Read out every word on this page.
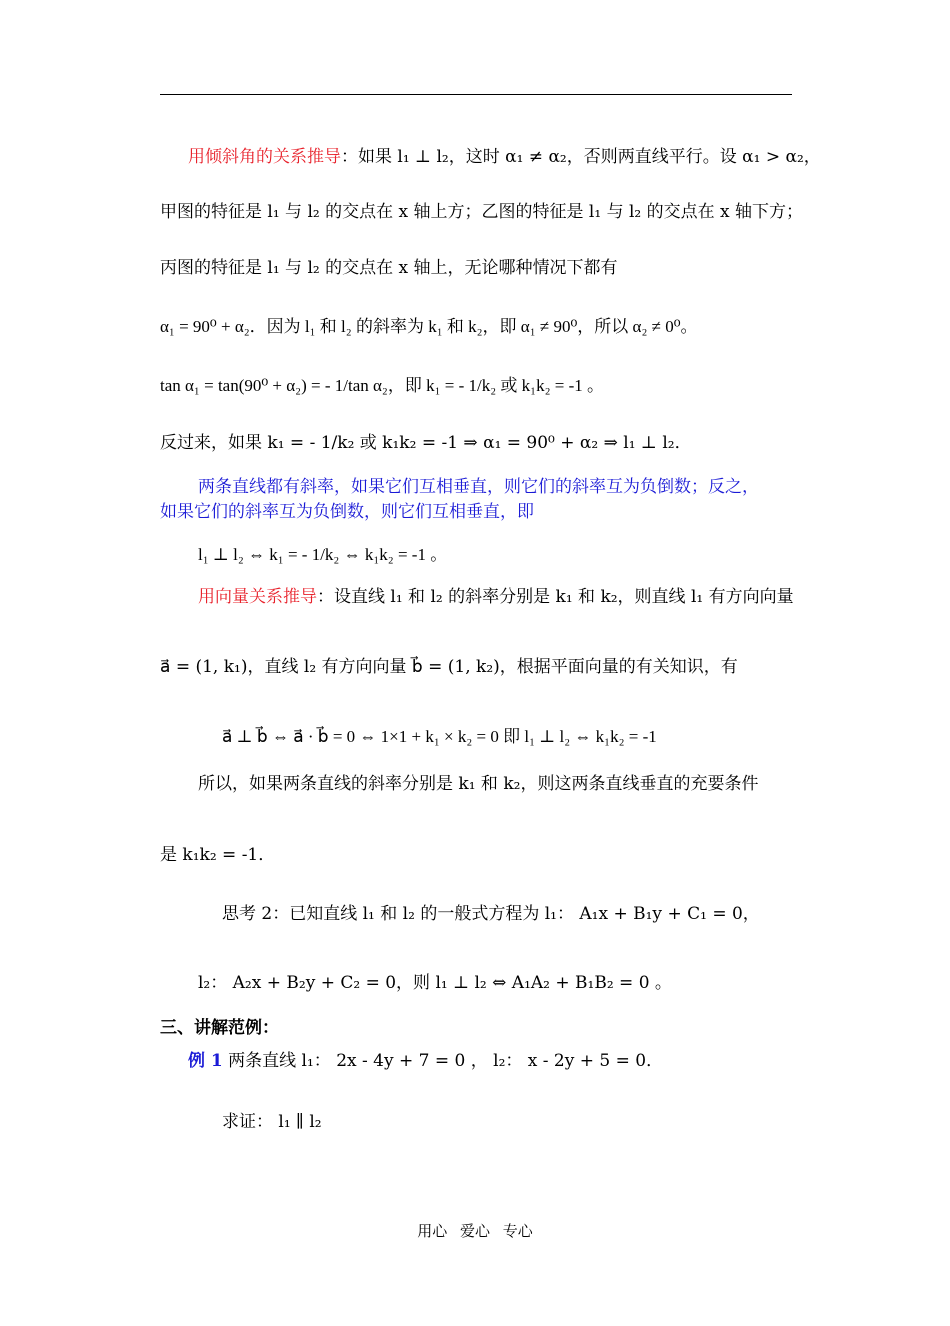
用倾斜角的关系推导：如果 l₁ ⊥ l₂，这时 α₁ ≠ α₂，否则两直线平行。设 α₁ > α₂，
甲图的特征是 l₁ 与 l₂ 的交点在 x 轴上方；乙图的特征是 l₁ 与 l₂ 的交点在 x 轴下方；
丙图的特征是 l₁ 与 l₂ 的交点在 x 轴上，无论哪种情况下都有
α₁ = 90⁰ + α₂．因为 l₁ 和 l₂ 的斜率为 k₁ 和 k₂，即 α₁ ≠ 90⁰，所以 α₂ ≠ 0⁰。
tan α₁ = tan(90⁰ + α₂) = - 1/tan α₂，即 k₁ = - 1/k₂ 或 k₁k₂ = -1 。
反过来，如果 k₁ = - 1/k₂ 或 k₁k₂ = -1 ⇒ α₁ = 90⁰ + α₂ ⇒ l₁ ⊥ l₂．
两条直线都有斜率，如果它们互相垂直，则它们的斜率互为负倒数；反之，
如果它们的斜率互为负倒数，则它们互相垂直，即
l₁ ⊥ l₂ ⇔ k₁ = - 1/k₂ ⇔ k₁k₂ = -1 。
用向量关系推导：设直线 l₁ 和 l₂ 的斜率分别是 k₁ 和 k₂，则直线 l₁ 有方向向量
a⃗ = (1, k₁)，直线 l₂ 有方向向量 b⃗ = (1, k₂)，根据平面向量的有关知识，有
a⃗ ⊥ b⃗ ⇔ a⃗ · b⃗ = 0 ⇔ 1×1 + k₁ × k₂ = 0 即 l₁ ⊥ l₂ ⇔ k₁k₂ = -1
所以，如果两条直线的斜率分别是 k₁ 和 k₂，则这两条直线垂直的充要条件
是 k₁k₂ = -1．
思考 2：已知直线 l₁ 和 l₂ 的一般式方程为 l₁： A₁x + B₁y + C₁ = 0，
l₂： A₂x + B₂y + C₂ = 0，则 l₁ ⊥ l₂ ⇔ A₁A₂ + B₁B₂ = 0 。
三、讲解范例：
例 1 两条直线 l₁： 2x - 4y + 7 = 0 ， l₂： x - 2y + 5 = 0．
求证： l₁ ∥ l₂
用心 爱心 专心
